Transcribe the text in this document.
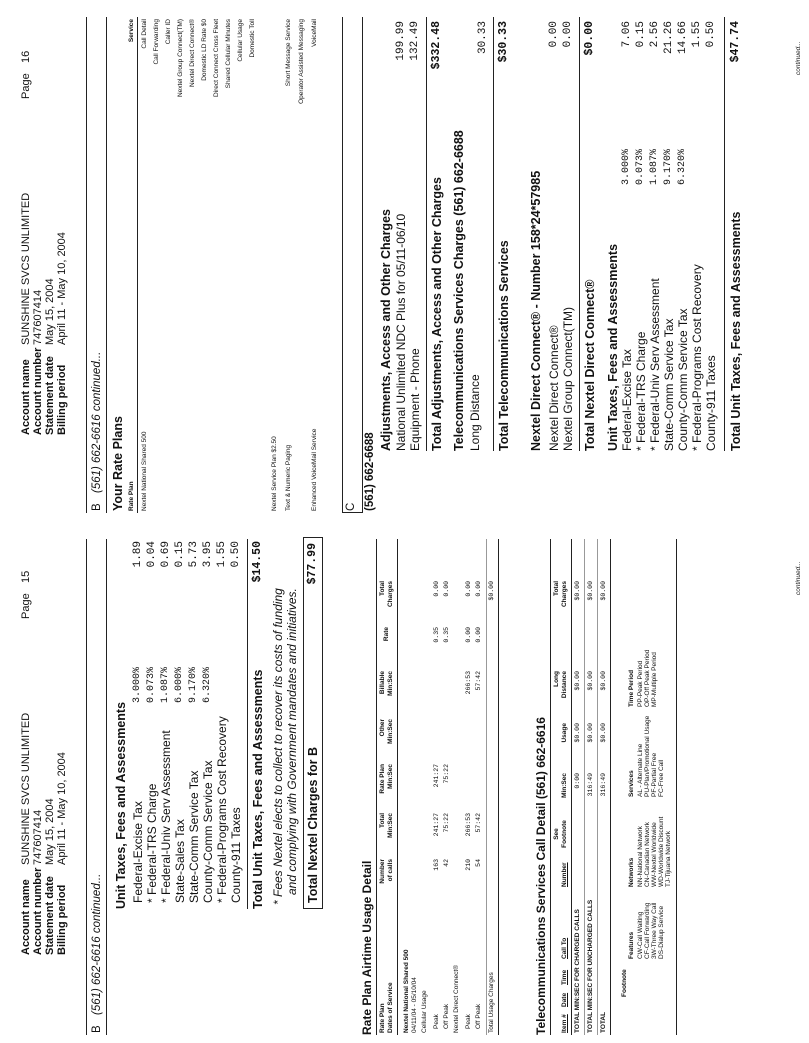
Account name Account number Statement date Billing period
SUNSHINE SVCS UNLIMITED 747607414 May 15, 2004 April 11 - May 10, 2004
Page
15
B
(561) 662-6616 continued...
Unit Taxes, Fees and Assessments Federal-Excise Tax
3.000%
1.89
* Federal-TRS Charge
0.073%
0.04
* Federal-Univ Serv Assessment
1.087%
0.69
State-Sales Tax
6.000%
0.15
State-Comm Service Tax
9.170%
5.73
County-Comm Service Tax
6.320%
3.95
* Federal-Programs Cost Recovery
1.55
County-911 Taxes
0.50
Total Unit Taxes, Fees and Assessments
$14.50
* Fees Nextel elects to collect to recover its costs of funding and complying with Government mandates and initiatives. Total Nextel Charges for B
$77.99
Rate Plan Airtime Usage Detail Rate Plan
Dates of Service
Number
of calls
Total
Min:Sec
Rate Plan
Min:Sec
Other
Min:Sec
Billable
Min:Sec
Rate
Total
Charges
Nextel National Shared 500 04/11/04 - 05/10/04 Cellular Usage Peak
163
241:27
241:27
0.35
0.00
Off Peak
42
75:22
75:22
0.35
0.00
Nextel Direct Connect® Peak
210
266:53
266:53
0.00
0.00
Off Peak
54
57:42
57:42
0.00
0.00
Total Usage Charges
$0.00
Telecommunications Services Call Detail (561) 662-6616 Item #
Date
Time
Call To
Number
See
Footnote
Min:Sec
Usage
Long
Distance
Total
Charges
TOTAL MIN:SEC FOR CHARGED CALLS
0:00
$0.00
$0.00
$0.00
TOTAL MIN:SEC FOR UNCHARGED CALLS
316:49
$0.00
$0.00
$0.00
TOTAL
316:49
$0.00
$0.00
$0.00
Footnote
Features CW-Call Waiting CF-Call Forwarding 3W-Three Way Call DS-Dialup Service
Networks NN-National Network CN-Canadian Network WW-Nextel Worldwide WD-Worldwide Discount TJ-Tijuana Network
Services AL - Alternate Line PU-Plan/Promotional Usage PF-Partial Free FC-Free Call
Time Period PP-Peak Period OP-Off Peak Period MP-Multiple Period
continued...
Account name Account number Statement date Billing period
SUNSHINE SVCS UNLIMITED 747607414 May 15, 2004 April 11 - May 10, 2004
Page
16
B
(561) 662-6616 continued... Your Rate Plans Rate Plan
Service
Nextel National Shared 500
Call Detail Call Forwarding Caller ID Nextel Group Connect(TM) Nextel Direct Connect® Domestic LD Rate $0 Direct Connect Cross Fleet Shared Cellular Minutes Cellular Usage Domestic Toll
Nextel Service Plan $2.50 Text & Numeric Paging
Short Message Service Operator Assisted Messaging
Enhanced VoiceMail Service
VoiceMail
C (561) 662-6688
Adjustments, Access and Other Charges National Unlimited NDC Plus for 05/11-06/10
199.99
Equipment - Phone
132.49
Total Adjustments, Access and Other Charges
$332.48
Telecommunications Services Charges (561) 662-6688 Long Distance
30.33
Total Telecommunications Services
$30.33
Nextel Direct Connect® - Number 158*24*57985 Nextel Direct Connect®
0.00
Nextel Group Connect(TM)
0.00
Total Nextel Direct Connect®
$0.00
Unit Taxes, Fees and Assessments Federal-Excise Tax
3.000%
7.06
* Federal-TRS Charge
0.073%
0.15
* Federal-Univ Serv Assessment
1.087%
2.56
State-Comm Service Tax
9.170%
21.26
County-Comm Service Tax
6.320%
14.66
* Federal-Programs Cost Recovery
1.55
County-911 Taxes
0.50
Total Unit Taxes, Fees and Assessments
$47.74	continued...
